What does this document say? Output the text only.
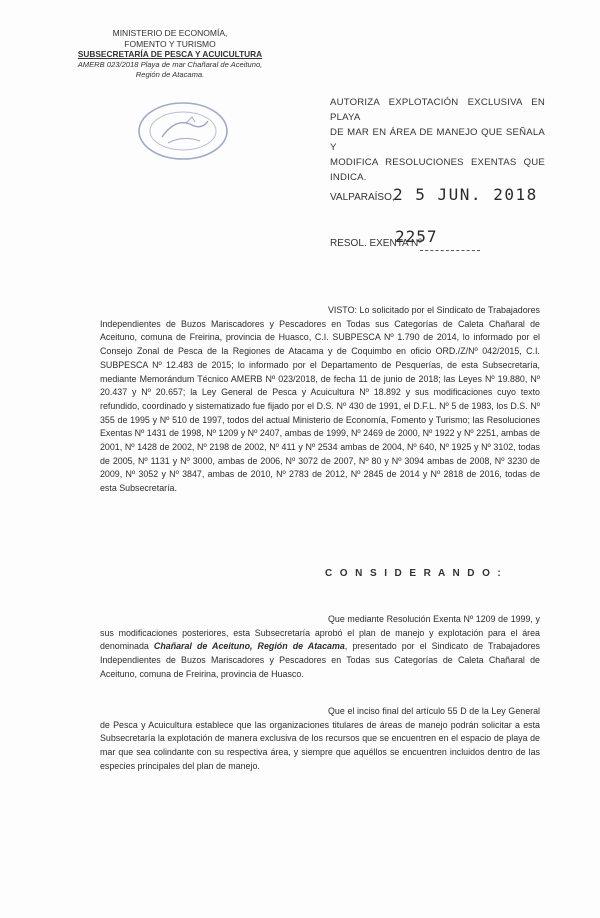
MINISTERIO DE ECONOMÍA,
FOMENTO Y TURISMO
SUBSECRETARÍA DE PESCA Y ACUICULTURA
AMERB 023/2018 Playa de mar Chañaral de Aceituno,
Región de Atacama.
AUTORIZA EXPLOTACIÓN EXCLUSIVA EN PLAYA
DE MAR EN ÁREA DE MANEJO QUE SEÑALA Y
MODIFICA RESOLUCIONES EXENTAS QUE INDICA.
VALPARAÍSO,
2 5 JUN. 2018
2257
RESOL. EXENTA Nº
VISTO: Lo solicitado por el Sindicato de Trabajadores Independientes de Buzos Mariscadores y Pescadores en Todas sus Categorías de Caleta Chañaral de Aceituno, comuna de Freirina, provincia de Huasco, C.I. SUBPESCA Nº 1.790 de 2014, lo informado por el Consejo Zonal de Pesca de la Regiones de Atacama y de Coquimbo en oficio ORD./Z/Nº 042/2015, C.I. SUBPESCA Nº 12.483 de 2015; lo informado por el Departamento de Pesquerías, de esta Subsecretaría, mediante Memorándum Técnico AMERB Nº 023/2018, de fecha 11 de junio de 2018; las Leyes Nº 19.880, Nº 20.437 y Nº 20.657; la Ley General de Pesca y Acuicultura Nº 18.892 y sus modificaciones cuyo texto refundido, coordinado y sistematizado fue fijado por el D.S. Nº 430 de 1991, el D.F.L. Nº 5 de 1983, los D.S. Nº 355 de 1995 y Nº 510 de 1997, todos del actual Ministerio de Economía, Fomento y Turismo; las Resoluciones Exentas Nº 1431 de 1998, Nº 1209 y Nº 2407, ambas de 1999, Nº 2469 de 2000, Nº 1922 y Nº 2251, ambas de 2001, Nº 1428 de 2002, Nº 2198 de 2002, Nº 411 y Nº 2534 ambas de 2004, Nº 640, Nº 1925 y Nº 3102, todas de 2005, Nº 1131 y Nº 3000, ambas de 2006, Nº 3072 de 2007, Nº 80 y Nº 3094 ambas de 2008, Nº 3230 de 2009, Nº 3052 y Nº 3847, ambas de 2010, Nº 2783 de 2012, Nº 2845 de 2014 y Nº 2818 de 2016, todas de esta Subsecretaría.
C O N S I D E R A N D O :
Que mediante Resolución Exenta Nº 1209 de 1999, y sus modificaciones posteriores, esta Subsecretaría aprobó el plan de manejo y explotación para el área denominada Chañaral de Aceituno, Región de Atacama, presentado por el Sindicato de Trabajadores Independientes de Buzos Mariscadores y Pescadores en Todas sus Categorías de Caleta Chañaral de Aceituno, comuna de Freirina, provincia de Huasco.
Que el inciso final del artículo 55 D de la Ley General de Pesca y Acuicultura establece que las organizaciones titulares de áreas de manejo podrán solicitar a esta Subsecretaría la explotación de manera exclusiva de los recursos que se encuentren en el espacio de playa de mar que sea colindante con su respectiva área, y siempre que aquéllos se encuentren incluidos dentro de las especies principales del plan de manejo.
